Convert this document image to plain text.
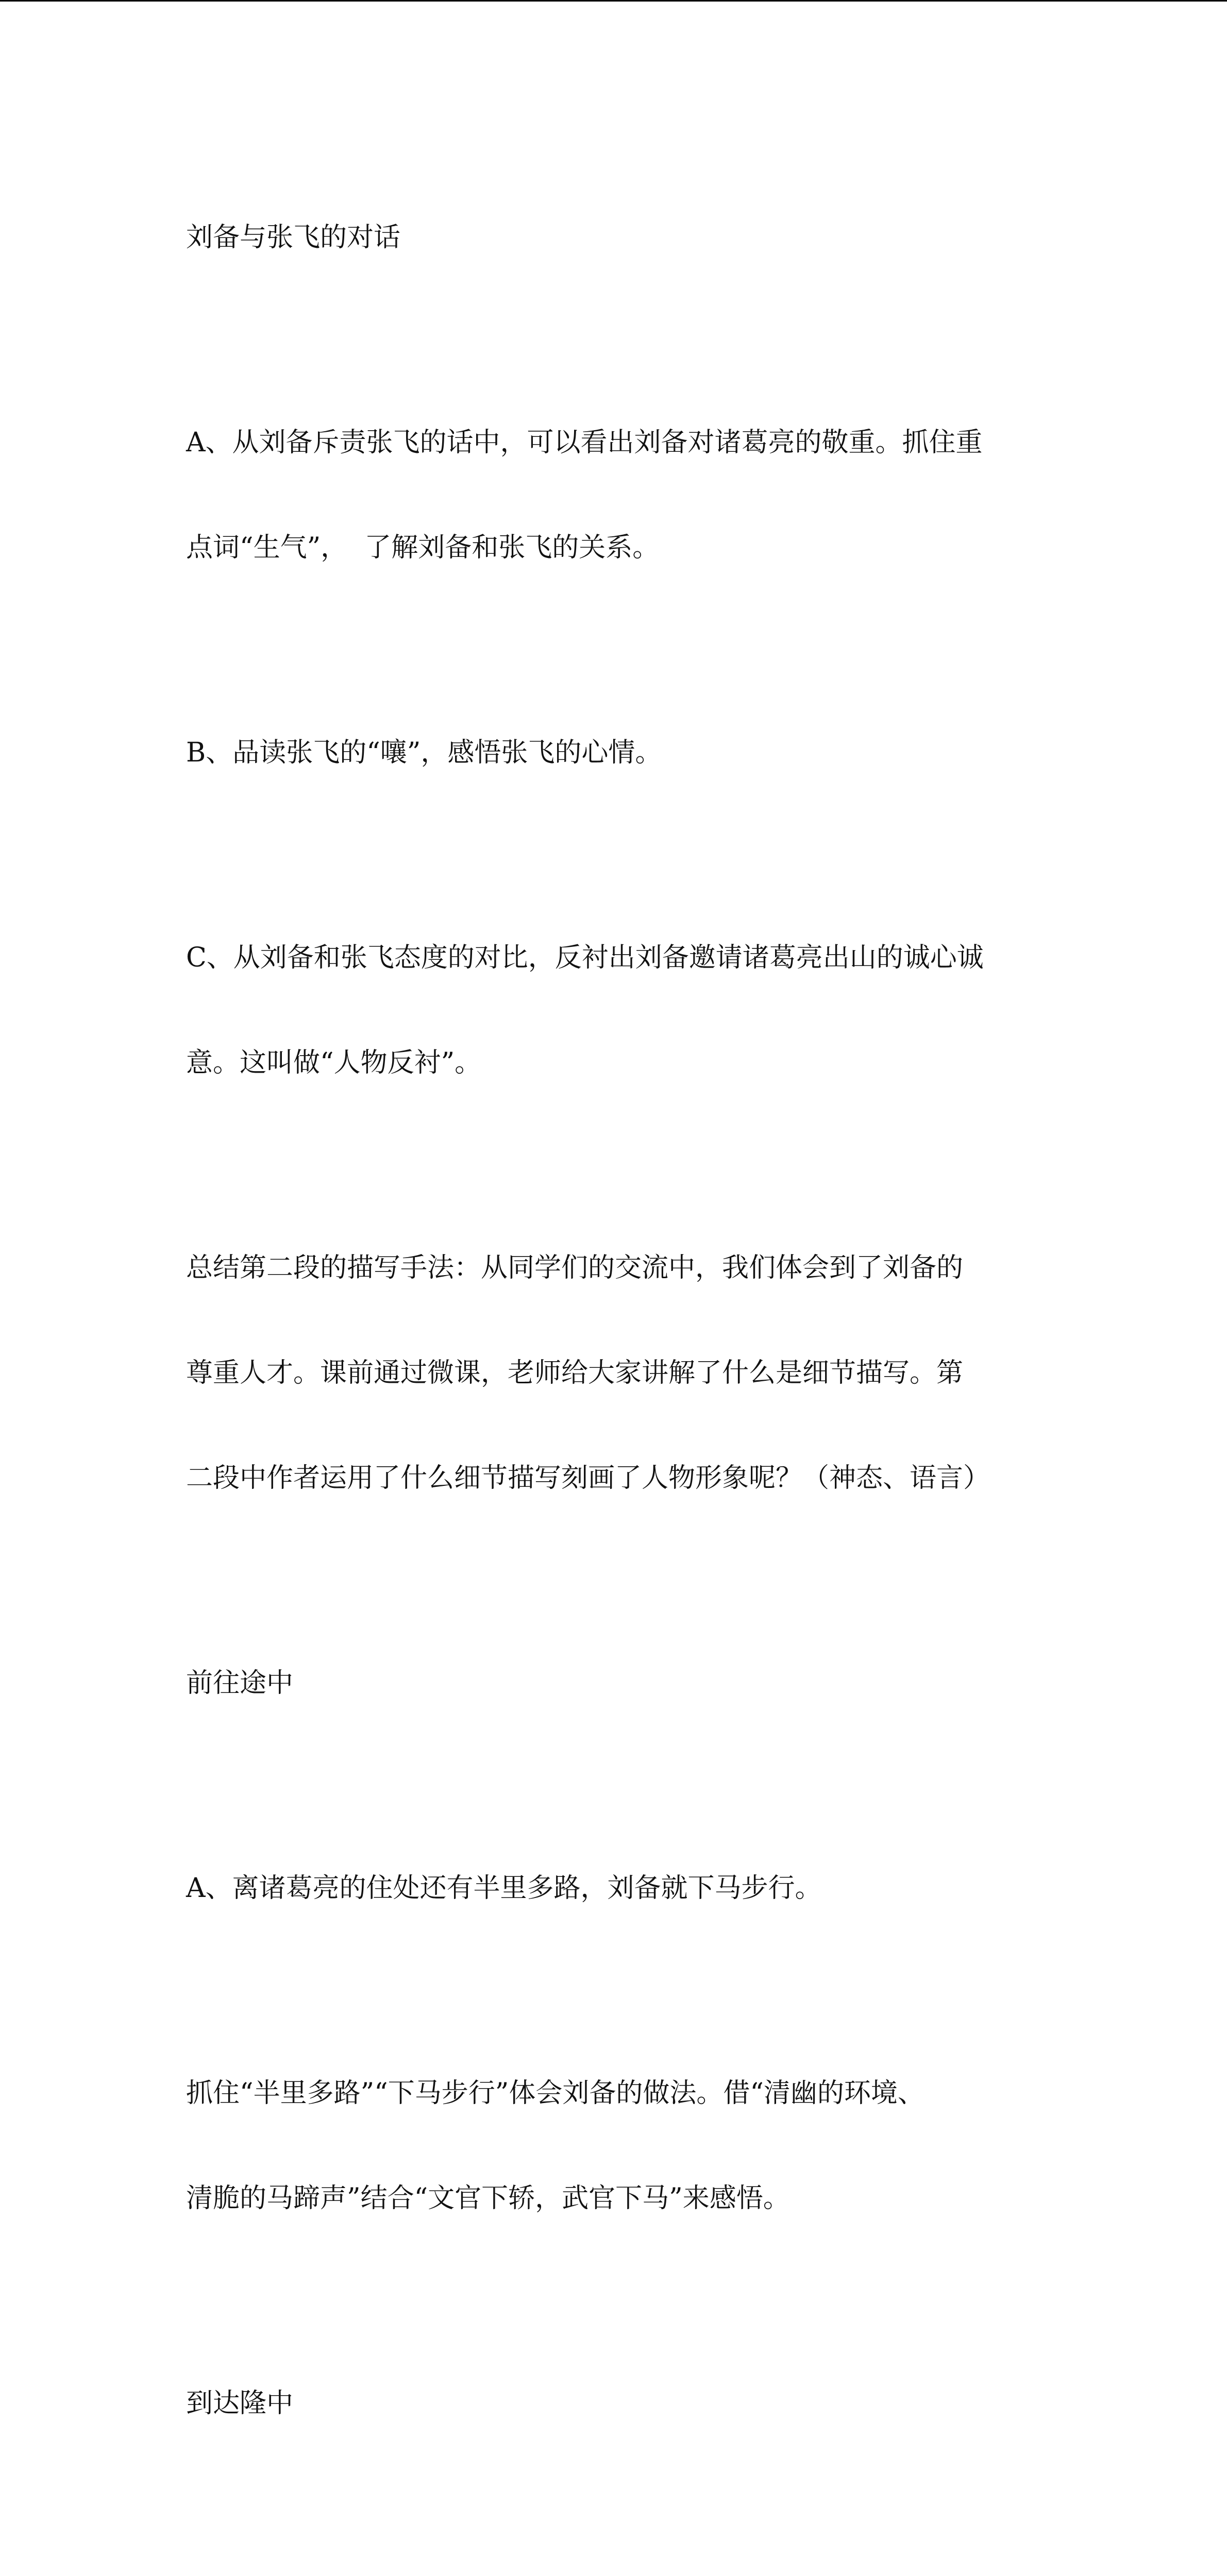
刘备与张飞的对话

A、从刘备斥责张飞的话中，可以看出刘备对诸葛亮的敬重。抓住重

点词“生气”，  了解刘备和张飞的关系。

B、品读张飞的“嚷”，感悟张飞的心情。

C、从刘备和张飞态度的对比，反衬出刘备邀请诸葛亮出山的诚心诚

意。这叫做“人物反衬”。

总结第二段的描写手法：从同学们的交流中，我们体会到了刘备的

尊重人才。课前通过微课，老师给大家讲解了什么是细节描写。第

二段中作者运用了什么细节描写刻画了人物形象呢？（神态、语言）

前往途中

A、离诸葛亮的住处还有半里多路，刘备就下马步行。

抓住“半里多路”“下马步行”体会刘备的做法。借“清幽的环境、

清脆的马蹄声”结合“文官下轿，武官下马”来感悟。

到达隆中
